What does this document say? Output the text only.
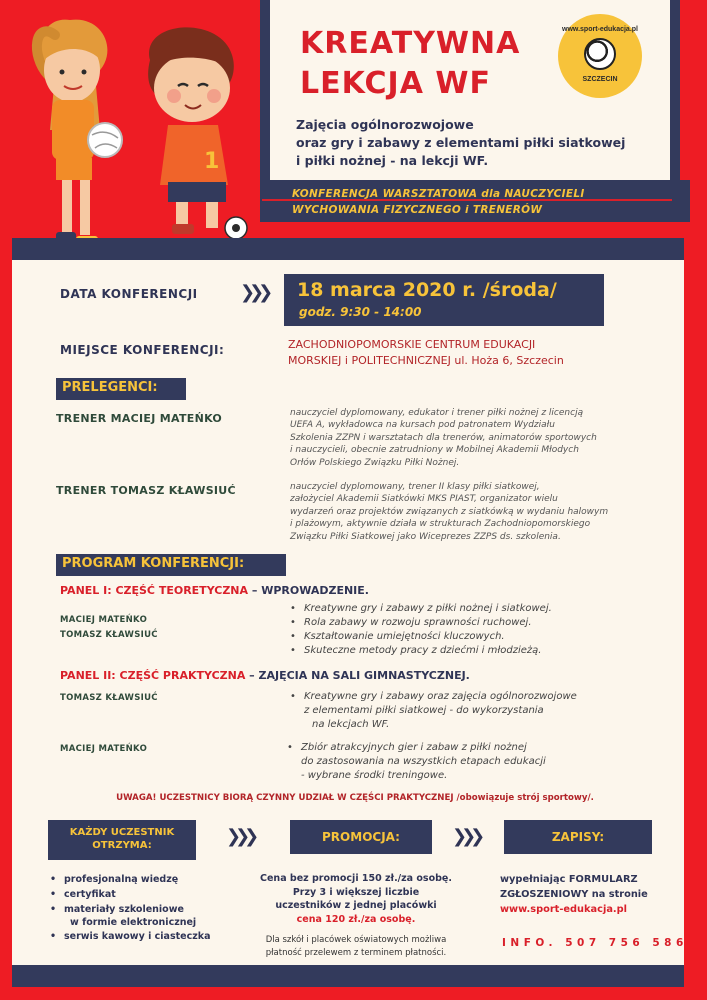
1
KREATYWNA
LEKCJA WF
www.sport-edukacja.pl
SZCZECIN
Zajęcia ogólnorozwojowe
oraz gry i zabawy z elementami piłki siatkowej
i piłki nożnej - na lekcji WF.
KONFERENCJA WARSZTATOWA dla NAUCZYCIELI
WYCHOWANIA FIZYCZNEGO i TRENERÓW
DATA KONFERENCJI ❯❯❯ 18 marca 2020 r. /środa/
godz. 9:30 - 14:00
MIEJSCE KONFERENCJI:	ZACHODNIOPOMORSKIE CENTRUM EDUKACJI
MORSKIEJ i POLITECHNICZNEJ ul. Hoża 6, Szczecin
PRELEGENCI:
TRENER MACIEJ MATEŃKO	nauczyciel dyplomowany, edukator i trener piłki nożnej z licencją
UEFA A, wykładowca na kursach pod patronatem Wydziału
Szkolenia ZZPN i warsztatach dla trenerów, animatorów sportowych
i nauczycieli, obecnie zatrudniony w Mobilnej Akademii Młodych
Orłów Polskiego Związku Piłki Nożnej.
TRENER TOMASZ KŁAWSIUĆ	nauczyciel dyplomowany, trener II klasy piłki siatkowej,
założyciel Akademii Siatkówki MKS PIAST, organizator wielu
wydarzeń oraz projektów związanych z siatkówką w wydaniu halowym
i plażowym, aktywnie działa w strukturach Zachodniopomorskiego
Związku Piłki Siatkowej jako Wiceprezes ZZPS ds. szkolenia.
PROGRAM KONFERENCJI:
PANEL I: CZĘŚĆ TEORETYCZNA – WPROWADZENIE.
MACIEJ MATEŃKO
TOMASZ KŁAWSIUĆ
• Kreatywne gry i zabawy z piłki nożnej i siatkowej.
• Rola zabawy w rozwoju sprawności ruchowej.
• Kształtowanie umiejętności kluczowych.
• Skuteczne metody pracy z dziećmi i młodzieżą.
PANEL II: CZĘŚĆ PRAKTYCZNA – ZAJĘCIA NA SALI GIMNASTYCZNEJ.
TOMASZ KŁAWSIUĆ	• Kreatywne gry i zabawy oraz zajęcia ogólnorozwojowe
z elementami piłki siatkowej - do wykorzystania
na lekcjach WF.
MACIEJ MATEŃKO	• Zbiór atrakcyjnych gier i zabaw z piłki nożnej
do zastosowania na wszystkich etapach edukacji
- wybrane środki treningowe.
UWAGA! UCZESTNICY BIORĄ CZYNNY UDZIAŁ W CZĘŚCI PRAKTYCZNEJ /obowiązuje strój sportowy/.
KAŻDY UCZESTNIK
OTRZYMA:	❯❯❯	PROMOCJA:	❯❯❯	ZAPISY:
• profesjonalną wiedzę
• certyfikat
• materiały szkoleniowe
w formie elektronicznej
• serwis kawowy i ciasteczka
Cena bez promocji 150 zł./za osobę.
Przy 3 i większej liczbie
uczestników z jednej placówki
cena 120 zł./za osobę.
Dla szkół i placówek oświatowych możliwa
płatność przelewem z terminem płatności.
wypełniając FORMULARZ
ZGŁOSZENIOWY na stronie
www.sport-edukacja.pl
INFO. 507 756 586
